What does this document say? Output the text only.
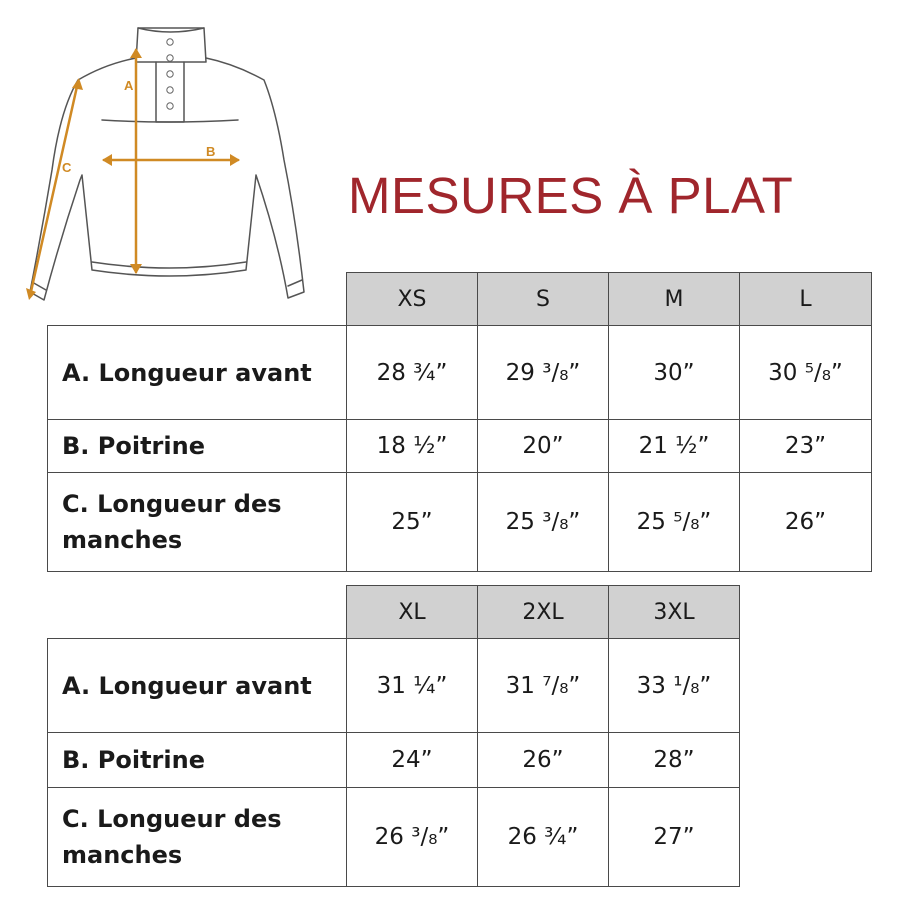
A
B
C	MESURES À PLAT
	XS	S	M	L
A. Longueur avant	28 ¾”	29 ³/₈”	30”	30 ⁵/₈”
B. Poitrine	18 ½”	20”	21 ½”	23”
C. Longueur des manches	25”	25 ³/₈”	25 ⁵/₈”	26”
	XL	2XL	3XL
A. Longueur avant	31 ¼”	31 ⁷/₈”	33 ¹/₈”
B. Poitrine	24”	26”	28”
C. Longueur des manches	26 ³/₈”	26 ¾”	27”
